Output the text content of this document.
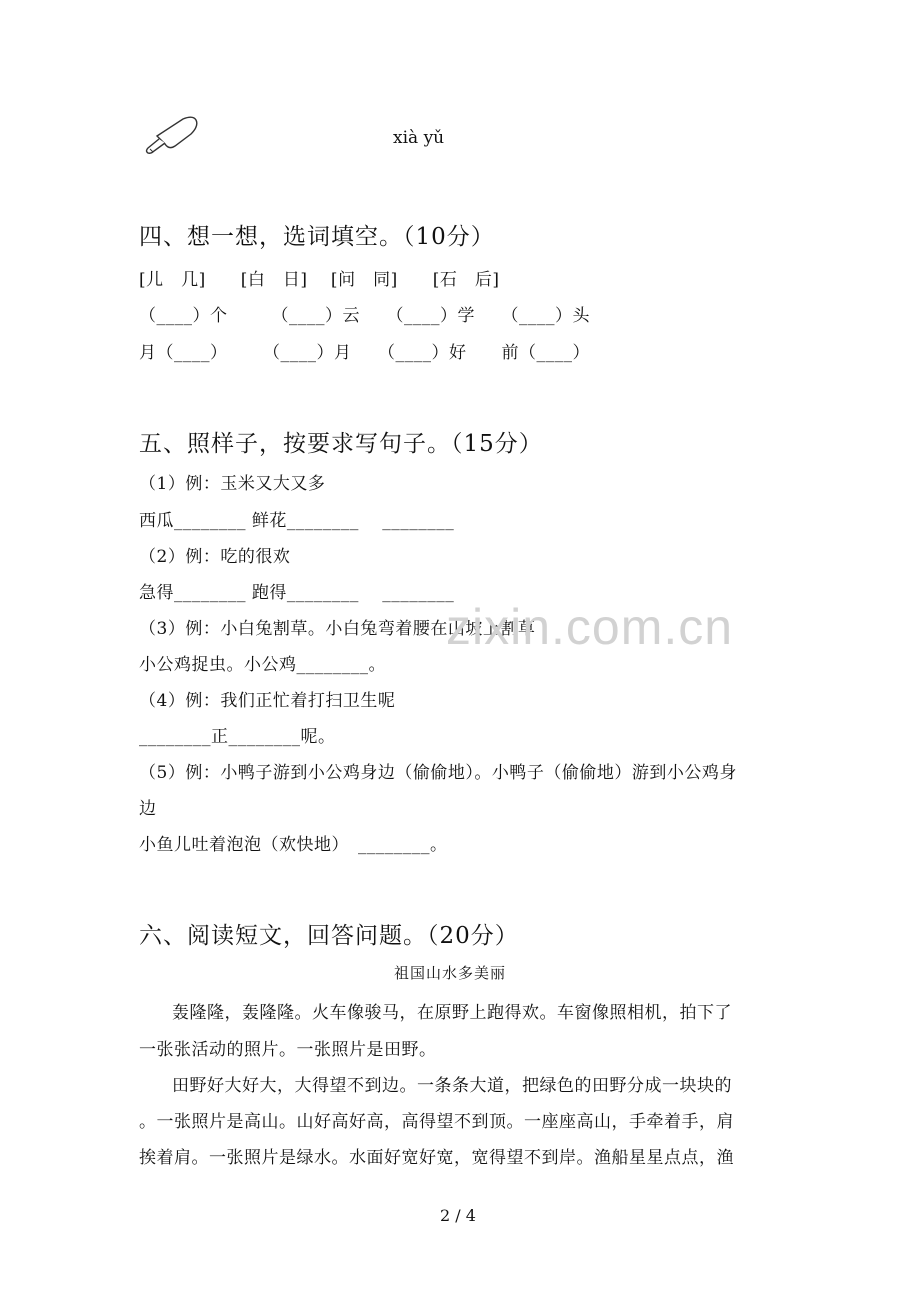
xià yǔ
四、想一想，选词填空。（10分）
[儿　几]　　[白　日]　 [问　同]　　[石　后]
（____）个　　　（____）云　　（____）学　　（____）头
月（____）　　　（____）月　　（____）好　　前（____）
五、照样子，按要求写句子。（15分）
（1）例：玉米又大又多
西瓜________ 鲜花________　 ________
（2）例：吃的很欢
急得________ 跑得________　 ________
（3）例：小白兔割草。小白兔弯着腰在山坡上割草
小公鸡捉虫。小公鸡________。
（4）例：我们正忙着打扫卫生呢
________正________呢。
（5）例：小鸭子游到小公鸡身边（偷偷地）。小鸭子（偷偷地）游到小公鸡身
边
小鱼儿吐着泡泡（欢快地）　________。
六、阅读短文，回答问题。（20分）
祖国山水多美丽
轰隆隆，轰隆隆。火车像骏马，在原野上跑得欢。车窗像照相机，拍下了
一张张活动的照片。一张照片是田野。
田野好大好大，大得望不到边。一条条大道，把绿色的田野分成一块块的
。一张照片是高山。山好高好高，高得望不到顶。一座座高山，手牵着手，肩
挨着肩。一张照片是绿水。水面好宽好宽，宽得望不到岸。渔船星星点点，渔
zixin.com.cn
2 / 4
